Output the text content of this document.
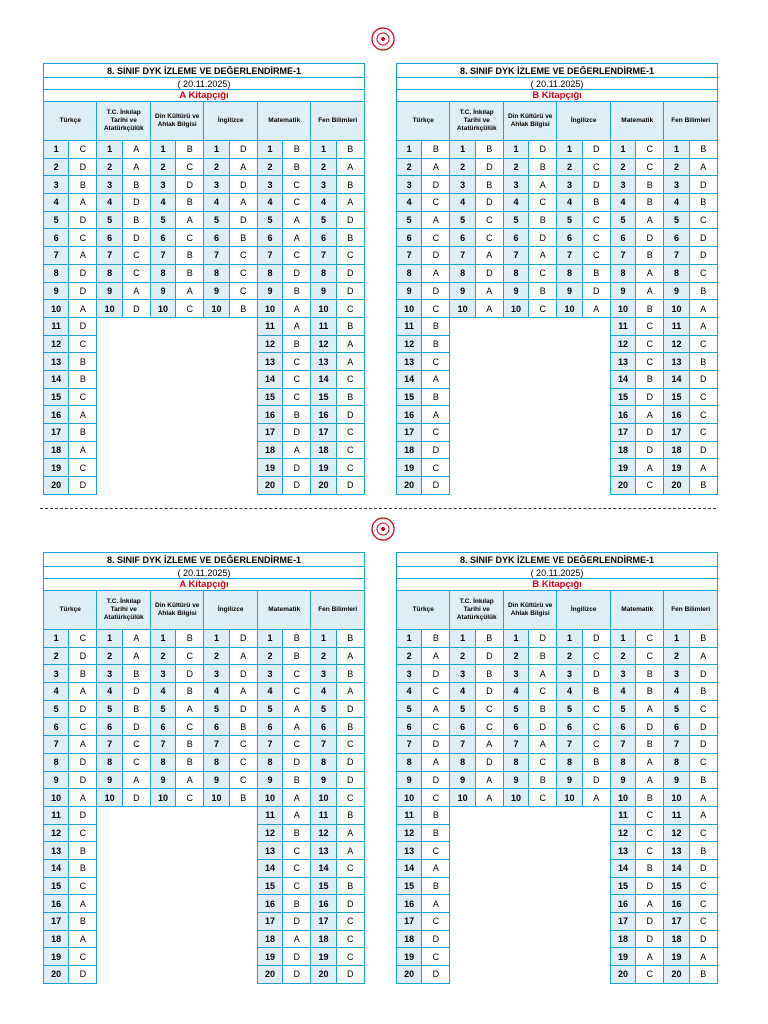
8. SINIF DYK İZLEME VE DEĞERLENDİRME-1											
( 20.11.2025)											
A Kitapçığı											
Türkçe		T.C. İnkılap Tarihi ve Atatürkçülük		Din Kültürü ve Ahlak Bilgisi		İngilizce		Matematik		Fen Bilimleri	
1	C	1	A	1	B	1	D	1	B	1	B
2	D	2	A	2	C	2	A	2	B	2	A
3	B	3	B	3	D	3	D	3	C	3	B
4	A	4	D	4	B	4	A	4	C	4	A
5	D	5	B	5	A	5	D	5	A	5	D
6	C	6	D	6	C	6	B	6	A	6	B
7	A	7	C	7	B	7	C	7	C	7	C
8	D	8	C	8	B	8	C	8	D	8	D
9	D	9	A	9	A	9	C	9	B	9	D
10	A	10	D	10	C	10	B	10	A	10	C
11	D							11	A	11	B
12	C							12	B	12	A
13	B							13	C	13	A
14	B							14	C	14	C
15	C							15	C	15	B
16	A							16	B	16	D
17	B							17	D	17	C
18	A							18	A	18	C
19	C							19	D	19	C
20	D							20	D	20	D
8. SINIF DYK İZLEME VE DEĞERLENDİRME-1											
( 20.11.2025)											
B Kitapçığı											
Türkçe		T.C. İnkılap Tarihi ve Atatürkçülük		Din Kültürü ve Ahlak Bilgisi		İngilizce		Matematik		Fen Bilimleri	
1	B	1	B	1	D	1	D	1	C	1	B
2	A	2	D	2	B	2	C	2	C	2	A
3	D	3	B	3	A	3	D	3	B	3	D
4	C	4	D	4	C	4	B	4	B	4	B
5	A	5	C	5	B	5	C	5	A	5	C
6	C	6	C	6	D	6	C	6	D	6	D
7	D	7	A	7	A	7	C	7	B	7	D
8	A	8	D	8	C	8	B	8	A	8	C
9	D	9	A	9	B	9	D	9	A	9	B
10	C	10	A	10	C	10	A	10	B	10	A
11	B							11	C	11	A
12	B							12	C	12	C
13	C							13	C	13	B
14	A							14	B	14	D
15	B							15	D	15	C
16	A							16	A	16	C
17	C							17	D	17	C
18	D							18	D	18	D
19	C							19	A	19	A
20	D							20	C	20	B
8. SINIF DYK İZLEME VE DEĞERLENDİRME-1											
( 20.11.2025)											
A Kitapçığı											
Türkçe		T.C. İnkılap Tarihi ve Atatürkçülük		Din Kültürü ve Ahlak Bilgisi		İngilizce		Matematik		Fen Bilimleri	
1	C	1	A	1	B	1	D	1	B	1	B
2	D	2	A	2	C	2	A	2	B	2	A
3	B	3	B	3	D	3	D	3	C	3	B
4	A	4	D	4	B	4	A	4	C	4	A
5	D	5	B	5	A	5	D	5	A	5	D
6	C	6	D	6	C	6	B	6	A	6	B
7	A	7	C	7	B	7	C	7	C	7	C
8	D	8	C	8	B	8	C	8	D	8	D
9	D	9	A	9	A	9	C	9	B	9	D
10	A	10	D	10	C	10	B	10	A	10	C
11	D							11	A	11	B
12	C							12	B	12	A
13	B							13	C	13	A
14	B							14	C	14	C
15	C							15	C	15	B
16	A							16	B	16	D
17	B							17	D	17	C
18	A							18	A	18	C
19	C							19	D	19	C
20	D							20	D	20	D
8. SINIF DYK İZLEME VE DEĞERLENDİRME-1											
( 20.11.2025)											
B Kitapçığı											
Türkçe		T.C. İnkılap Tarihi ve Atatürkçülük		Din Kültürü ve Ahlak Bilgisi		İngilizce		Matematik		Fen Bilimleri	
1	B	1	B	1	D	1	D	1	C	1	B
2	A	2	D	2	B	2	C	2	C	2	A
3	D	3	B	3	A	3	D	3	B	3	D
4	C	4	D	4	C	4	B	4	B	4	B
5	A	5	C	5	B	5	C	5	A	5	C
6	C	6	C	6	D	6	C	6	D	6	D
7	D	7	A	7	A	7	C	7	B	7	D
8	A	8	D	8	C	8	B	8	A	8	C
9	D	9	A	9	B	9	D	9	A	9	B
10	C	10	A	10	C	10	A	10	B	10	A
11	B							11	C	11	A
12	B							12	C	12	C
13	C							13	C	13	B
14	A							14	B	14	D
15	B							15	D	15	C
16	A							16	A	16	C
17	C							17	D	17	C
18	D							18	D	18	D
19	C							19	A	19	A
20	D							20	C	20	B
